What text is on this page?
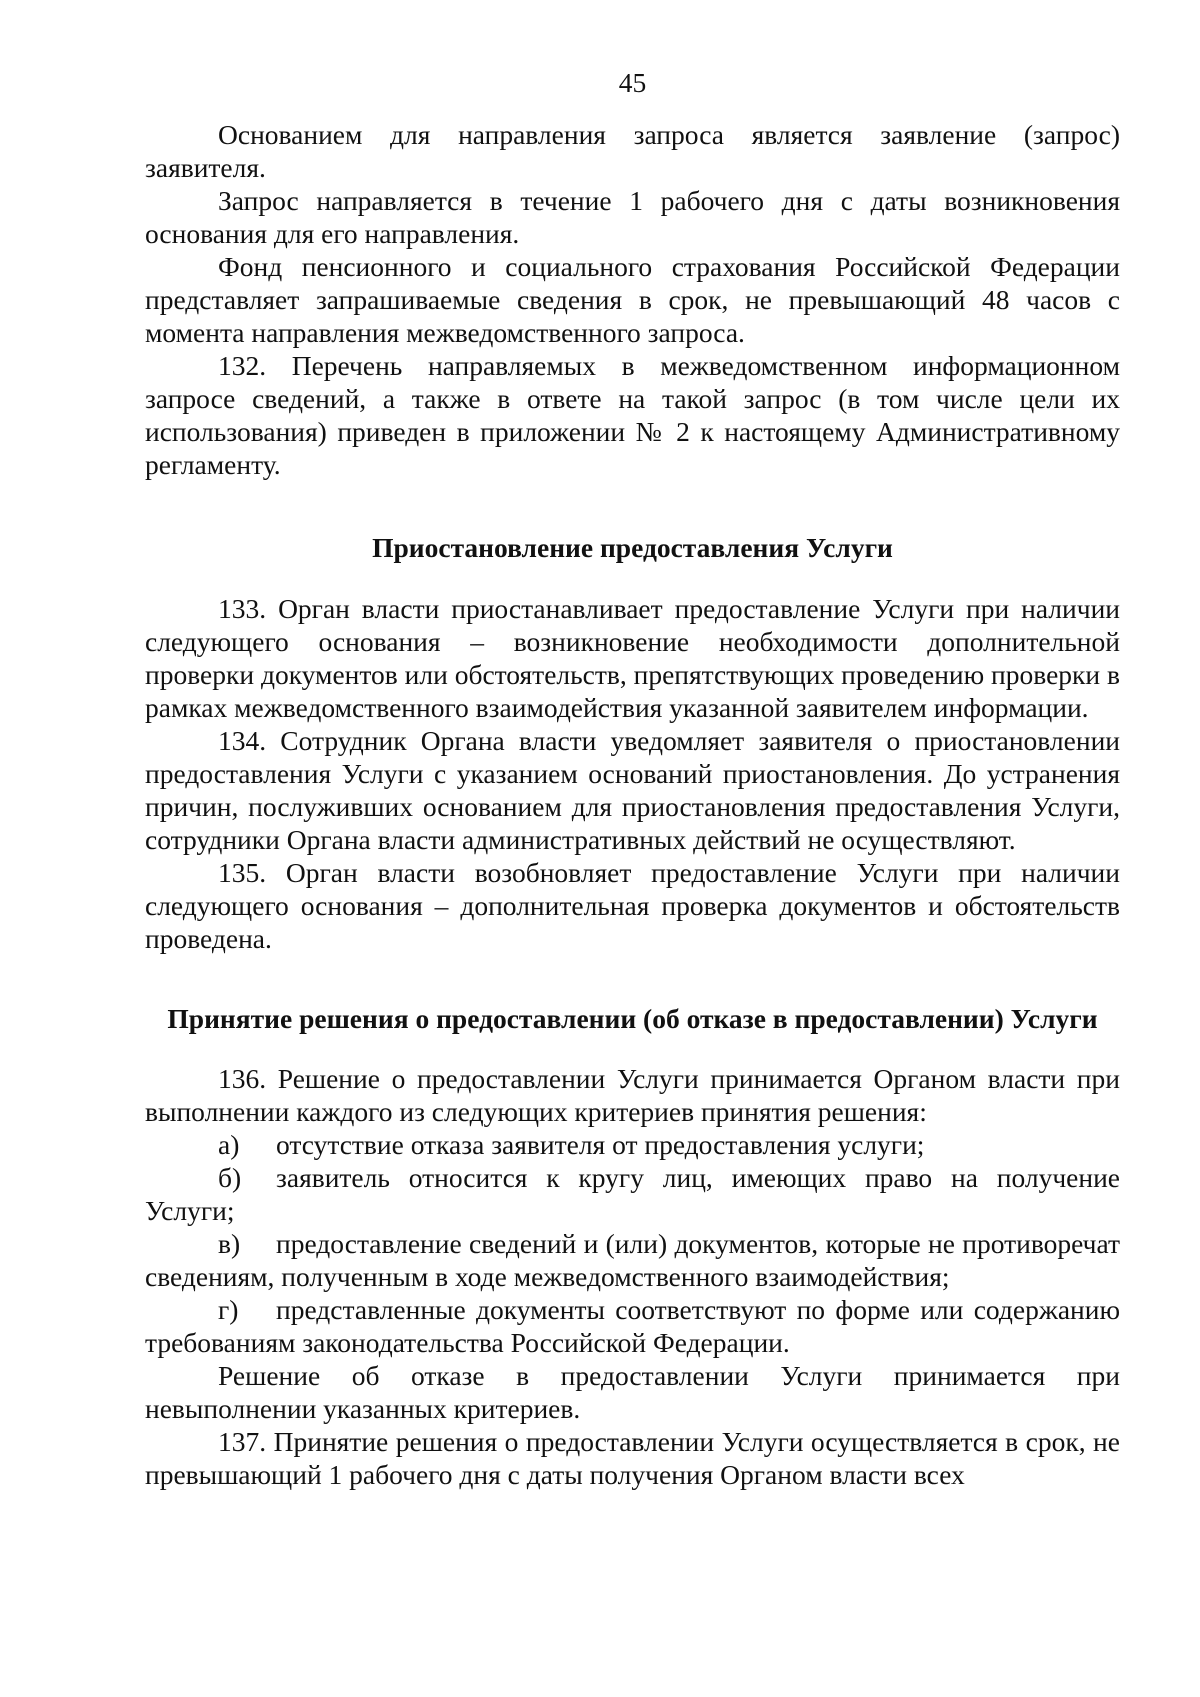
45

Основанием для направления запроса является заявление (запрос) заявителя.

Запрос направляется в течение 1 рабочего дня с даты возникновения основания для его направления.

Фонд пенсионного и социального страхования Российской Федерации представляет запрашиваемые сведения в срок, не превышающий 48 часов с момента направления межведомственного запроса.

132. Перечень направляемых в межведомственном информационном запросе сведений, а также в ответе на такой запрос (в том числе цели их использования) приведен в приложении № 2 к настоящему Административному регламенту.

Приостановление предоставления Услуги

133. Орган власти приостанавливает предоставление Услуги при наличии следующего основания – возникновение необходимости дополнительной проверки документов или обстоятельств, препятствующих проведению проверки в рамках межведомственного взаимодействия указанной заявителем информации.

134. Сотрудник Органа власти уведомляет заявителя о приостановлении предоставления Услуги с указанием оснований приостановления. До устранения причин, послуживших основанием для приостановления предоставления Услуги, сотрудники Органа власти административных действий не осуществляют.

135. Орган власти возобновляет предоставление Услуги при наличии следующего основания – дополнительная проверка документов и обстоятельств проведена.

Принятие решения о предоставлении (об отказе в предоставлении) Услуги

136. Решение о предоставлении Услуги принимается Органом власти при выполнении каждого из следующих критериев принятия решения:

а) отсутствие отказа заявителя от предоставления услуги;

б) заявитель относится к кругу лиц, имеющих право на получение Услуги;

в) предоставление сведений и (или) документов, которые не противоречат сведениям, полученным в ходе межведомственного взаимодействия;

г) представленные документы соответствуют по форме или содержанию требованиям законодательства Российской Федерации.

Решение об отказе в предоставлении Услуги принимается при невыполнении указанных критериев.

137. Принятие решения о предоставлении Услуги осуществляется в срок, не превышающий 1 рабочего дня с даты получения Органом власти всех
